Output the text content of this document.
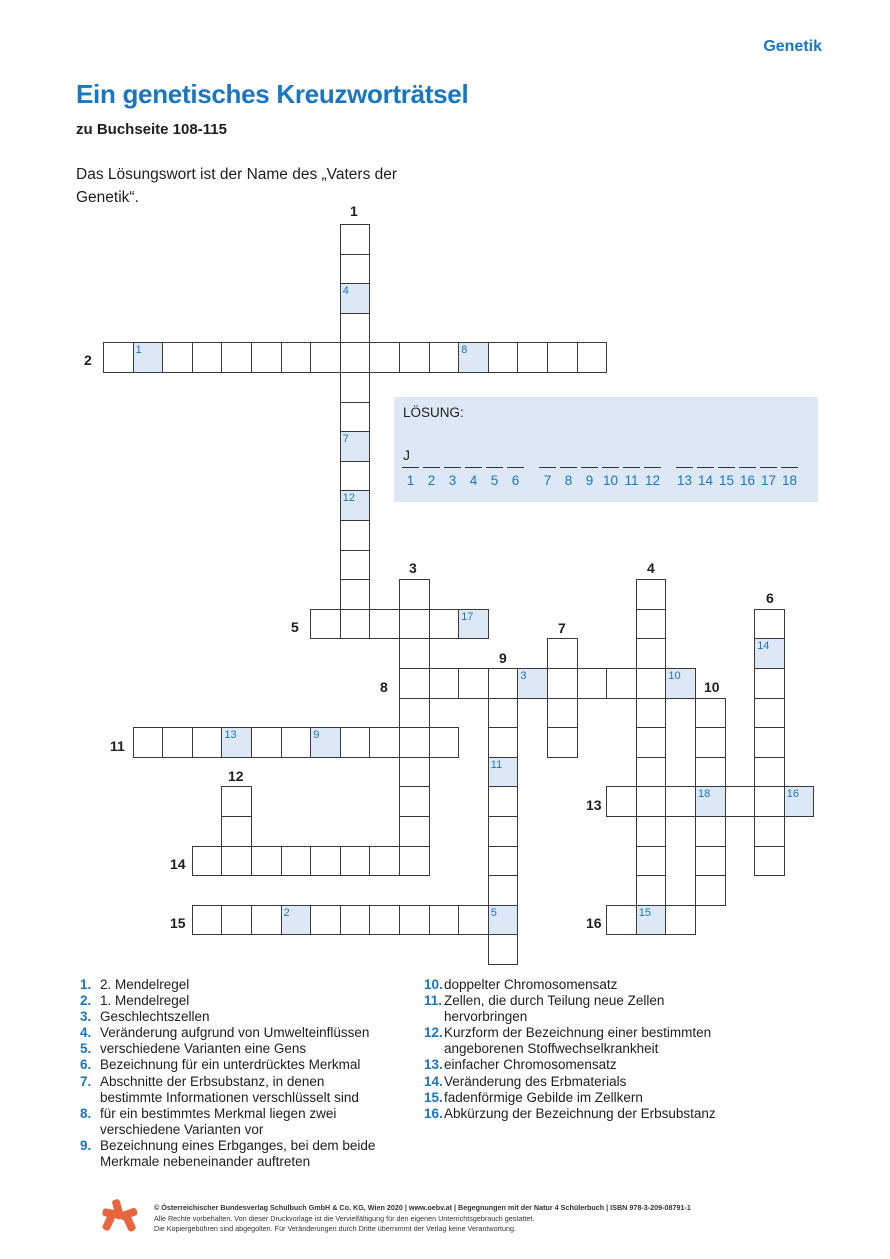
Genetik
Ein genetisches Kreuzworträtsel
zu Buchseite 108-115
Das Lösungswort ist der Name des „Vaters der Genetik“.
4
7
12
1	8
17
14
3	10
11
5
18
13	9
16
2	15
2
5
8
11
13
14
15	16
1
3	4
6
7
9
10
12
LÖSUNG:
J
1 2 3 4 5 6	7 8 9 10 11 12	13 14 15 16 17 18
1. 2. Mendelregel
2. 1. Mendelregel
3. Geschlechtszellen
4. Veränderung aufgrund von Umwelteinflüssen
5. verschiedene Varianten eine Gens
6. Bezeichnung für ein unterdrücktes Merkmal
7. Abschnitte der Erbsubstanz, in denen
bestimmte Informationen verschlüsselt sind
8. für ein bestimmtes Merkmal liegen zwei
verschiedene Varianten vor
9. Bezeichnung eines Erbganges, bei dem beide
Merkmale nebeneinander auftreten
10. doppelter Chromosomensatz
11. Zellen, die durch Teilung neue Zellen
hervorbringen
12. Kurzform der Bezeichnung einer bestimmten
angeborenen Stoffwechselkrankheit
13. einfacher Chromosomensatz
14. Veränderung des Erbmaterials
15. fadenförmige Gebilde im Zellkern
16. Abkürzung der Bezeichnung der Erbsubstanz
© Österreichischer Bundesverlag Schulbuch GmbH & Co. KG, Wien 2020 | www.oebv.at | Begegnungen mit der Natur 4 Schülerbuch | ISBN 978-3-209-08791-1
Alle Rechte vorbehalten. Von dieser Druckvorlage ist die Vervielfältigung für den eigenen Unterrichtsgebrauch gestattet.
Die Kopiergebühren sind abgegolten. Für Veränderungen durch Dritte übernimmt der Verlag keine Verantwortung.
